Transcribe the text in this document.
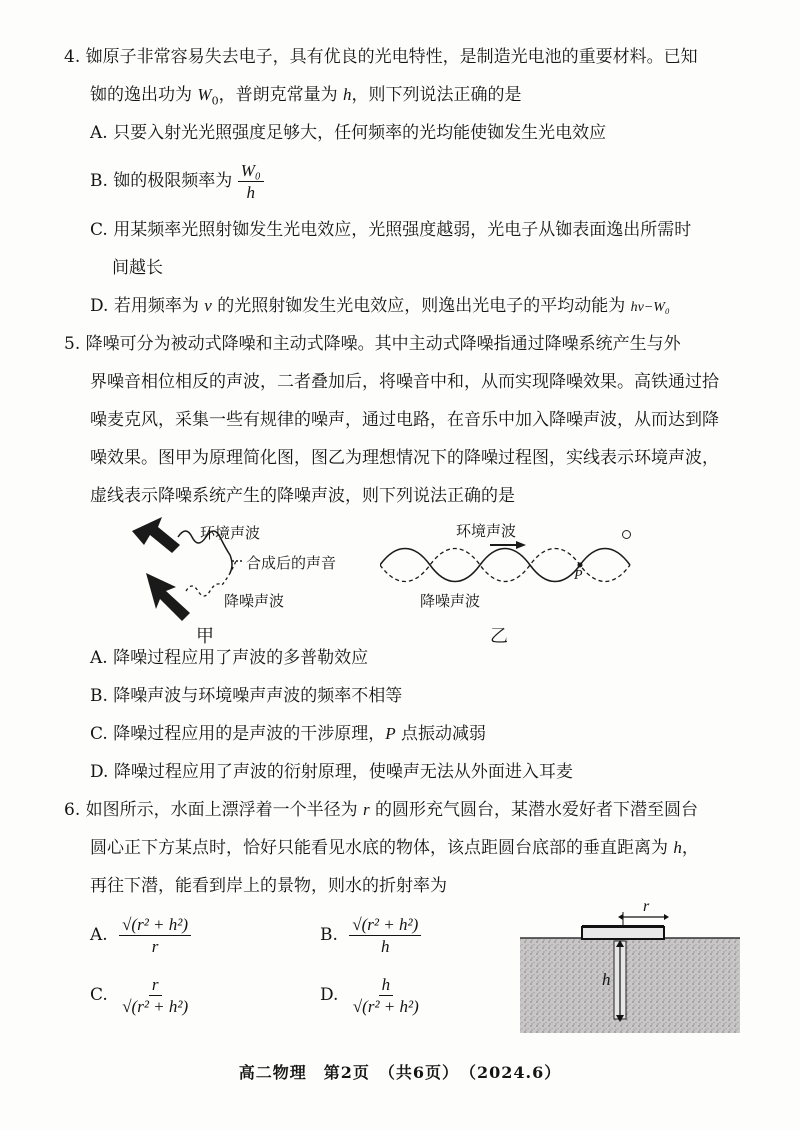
4. 铷原子非常容易失去电子，具有优良的光电特性，是制造光电池的重要材料。已知
铷的逸出功为 $W_0$，普朗克常量为 h，则下列说法正确的是
A. 只要入射光光照强度足够大，任何频率的光均能使铷发生光电效应
B. 铷的极限频率为 $\frac{\text{W₀}}{h}$
C. 用某频率光照射铷发生光电效应，光照强度越弱，光电子从铷表面逸出所需时
间越长
D. 若用频率为 ν 的光照射铷发生光电效应，则逸出光电子的平均动能为 hν−W₀
5. 降噪可分为被动式降噪和主动式降噪。其中主动式降噪指通过降噪系统产生与外
界噪音相位相反的声波，二者叠加后，将噪音中和，从而实现降噪效果。高铁通过拾
噪麦克风，采集一些有规律的噪声，通过电路，在音乐中加入降噪声波，从而达到降
噪效果。图甲为原理简化图，图乙为理想情况下的降噪过程图，实线表示环境声波，
虚线表示降噪系统产生的降噪声波，则下列说法正确的是
环境声波
合成后的声音
降噪声波
甲
环境声波
P
降噪声波
乙
A. 降噪过程应用了声波的多普勒效应
B. 降噪声波与环境噪声声波的频率不相等
C. 降噪过程应用的是声波的干涉原理，P 点振动减弱
D. 降噪过程应用了声波的衍射原理，使噪声无法从外面进入耳麦
6. 如图所示，水面上漂浮着一个半径为 r 的圆形充气圆台，某潜水爱好者下潜至圆台
圆心正下方某点时，恰好只能看见水底的物体，该点距圆台底部的垂直距离为 h，
再往下潜，能看到岸上的景物，则水的折射率为
A. $\frac{\text{√(r² + h²)}}{r}$	B. $\frac{\text{√(r² + h²)}}{h}$
C. $\frac{r}{\text{√(r² + h²)}}$	D. $\frac{h}{\text{√(r² + h²)}}$
r
h
高二物理　第2页　（共6页）　（2024.6）
